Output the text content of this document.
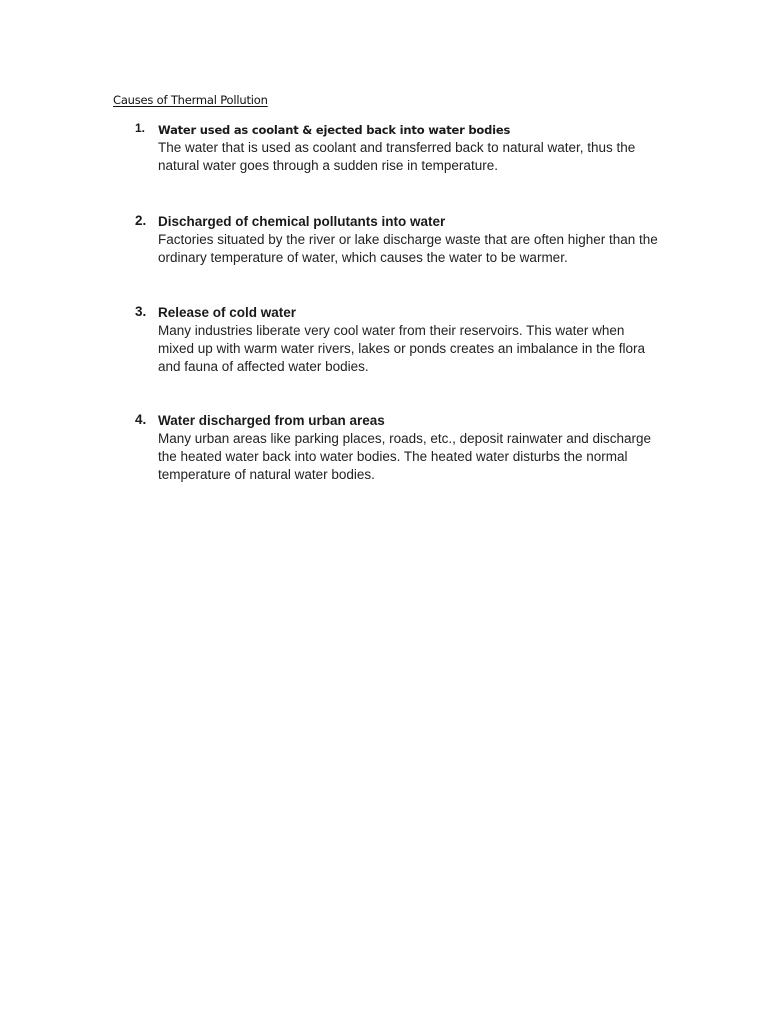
Causes of Thermal Pollution
1. Water used as coolant & ejected back into water bodies
The water that is used as coolant and transferred back to natural water, thus the natural water goes through a sudden rise in temperature.
2. Discharged of chemical pollutants into water
Factories situated by the river or lake discharge waste that are often higher than the ordinary temperature of water, which causes the water to be warmer.
3. Release of cold water
Many industries liberate very cool water from their reservoirs. This water when mixed up with warm water rivers, lakes or ponds creates an imbalance in the flora and fauna of affected water bodies.
4. Water discharged from urban areas
Many urban areas like parking places, roads, etc., deposit rainwater and discharge the heated water back into water bodies. The heated water disturbs the normal temperature of natural water bodies.
